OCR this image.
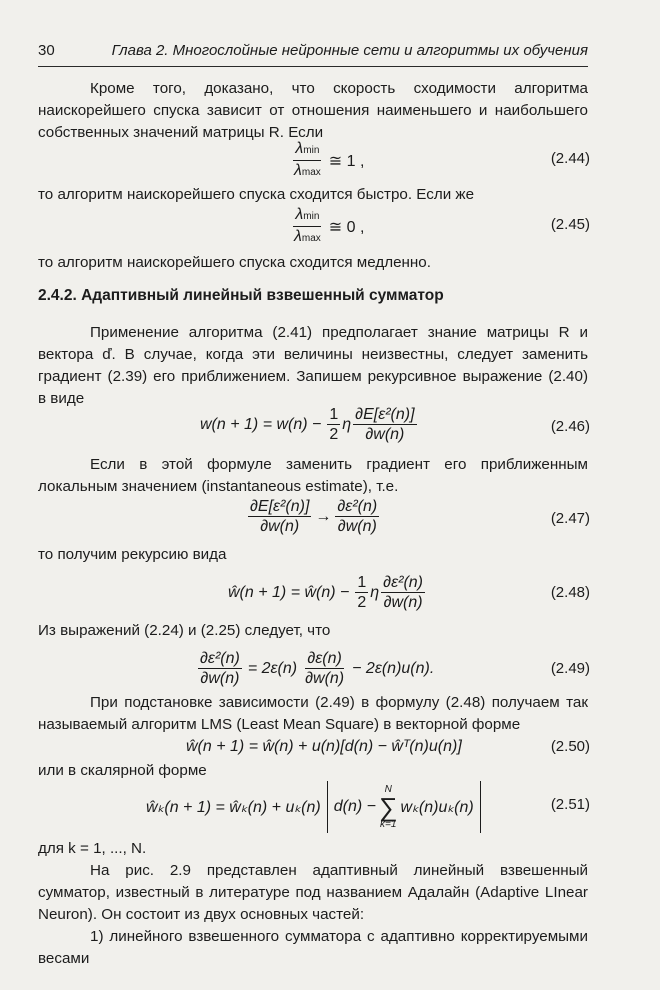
30	Глава 2. Многослойные нейронные сети и алгоритмы их обучения
Кроме того, доказано, что скорость сходимости алгоритма наискорейшего спуска зависит от отношения наименьшего и наибольшего собственных значений матрицы R. Если
$\frac{\lambda\min}{\lambda\max}$ ≅ 1 ,	(2.44)
то алгоритм наискорейшего спуска сходится быстро. Если же
$\frac{\lambda\min}{\lambda\max}$ ≅ 0 ,	(2.45)
то алгоритм наискорейшего спуска сходится медленно.
2.4.2. Адаптивный линейный взвешенный сумматор
Применение алгоритма (2.41) предполагает знание матрицы R и вектора ď. В случае, когда эти величины неизвестны, следует заменить градиент (2.39) его приближением. Запишем рекурсивное выражение (2.40) в виде
$w(n + 1) = w(n) - \frac{1}{2}$ η $\frac{\text{∂E[ε²(n)]}}{\partial w(n)}$	(2.46)
Если в этой формуле заменить градиент его приближенным локальным значением (instantaneous estimate), т.е.
$\frac{\text{∂E[ε²(n)]}}{\partial w(n)} \to \frac{\text{∂ε²(n)}}{\partial w(n)}$	(2.47)
то получим рекурсию вида
ŵ(n + 1) = ŵ(n) − $\frac{1}{2}$ η $\frac{\text{∂ε²(n)}}{\partial w(n)}$	(2.48)
Из выражений (2.24) и (2.25) следует, что
$\frac{\text{∂ε²(n)}}{\partial w(n)} = 2\varepsilon(n) \frac{\partial\varepsilon(n)}{\partial w(n)} - 2\varepsilon(n)u(n)$.	(2.49)
При подстановке зависимости (2.49) в формулу (2.48) получаем так называемый алгоритм LMS (Least Mean Square) в векторной форме
ŵ(n + 1) = ŵ(n) + u(n)[d(n) − ŵᵀ(n)u(n)]	(2.50)
или в скалярной форме
ŵₖ(n + 1) = ŵₖ(n) + uₖ(n) d(n) −
N
∑
k=1
wₖ(n)uₖ(n)	(2.51)
для k = 1, ..., N.
На рис. 2.9 представлен адаптивный линейный взвешенный сумматор, известный в литературе под названием Адалайн (Adaptive LInear Neuron). Он состоит из двух основных частей:
1) линейного взвешенного сумматора с адаптивно корректируемыми весами
